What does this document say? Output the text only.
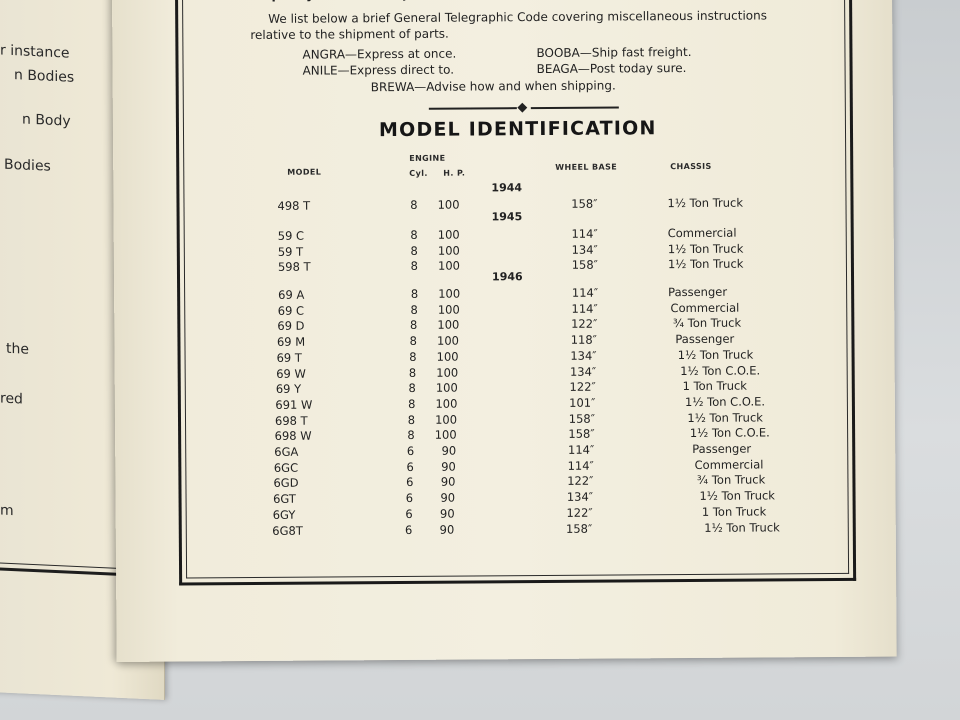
r instance
n Bodies
n Body
Bodies
the
red
m
We list below a brief General Telegraphic Code covering miscellaneous instructions
relative to the shipment of parts.
ANGRA—Express at once.	BOOBA—Ship fast freight.
ANILE—Express direct to.	BEAGA—Post today sure.
BREWA—Advise how and when shipping.
MODEL IDENTIFICATION
ENGINE
MODEL	Cyl. H. P.
WHEEL BASE	CHASSIS
1944
498 T	8	100	158″	1½ Ton Truck
1945
59 C	8	100	114″	Commercial
59 T	8	100	134″	1½ Ton Truck
598 T	8	100	158″	1½ Ton Truck
1946
69 A	8	100	114″	Passenger
69 C	8	100	114″	Commercial
69 D	8	100	122″	¾ Ton Truck
69 M	8	100	118″	Passenger
69 T	8	100	134″	1½ Ton Truck
69 W	8	100	134″	1½ Ton C.O.E.
69 Y	8	100	122″	1 Ton Truck
691 W	8	100	101″	1½ Ton C.O.E.
698 T	8	100	158″	1½ Ton Truck
698 W	8	100	158″	1½ Ton C.O.E.
6GA	6	90	114″	Passenger
6GC	6	90	114″	Commercial
6GD	6	90	122″	¾ Ton Truck
6GT	6	90	134″	1½ Ton Truck
6GY	6	90	122″	1 Ton Truck
6G8T	6	90	158″	1½ Ton Truck
